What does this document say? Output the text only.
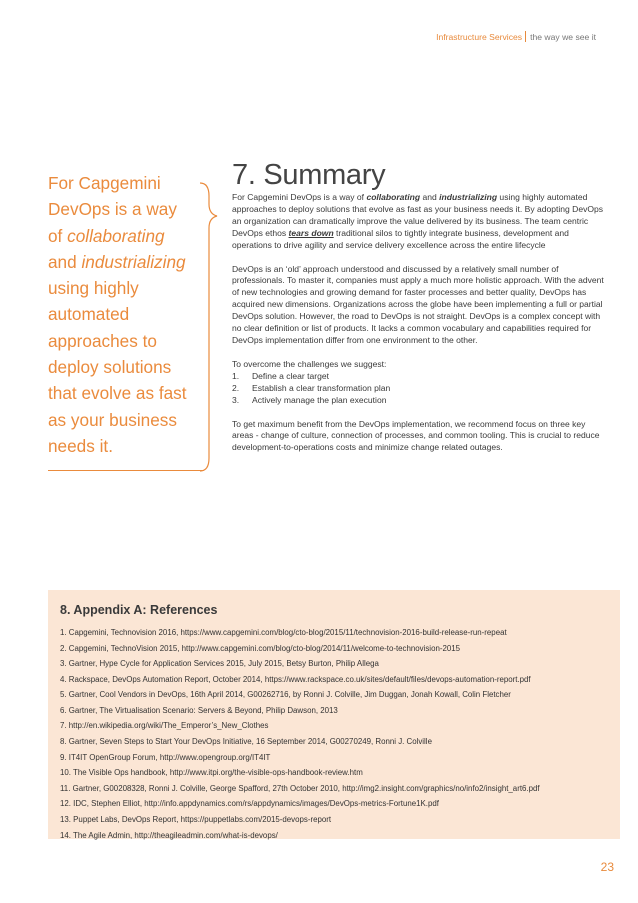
Infrastructure Services the way we see it
For Capgemini
DevOps is a way
of collaborating
and industrializing
using highly
automated
approaches to
deploy solutions
that evolve as fast
as your business
needs it.
7. Summary

For Capgemini DevOps is a way of collaborating and industrializing using highly automated approaches to deploy solutions that evolve as fast as your business needs it. By adopting DevOps an organization can dramatically improve the value delivered by its business. The team centric DevOps ethos tears down traditional silos to tightly integrate business, development and operations to drive agility and service delivery excellence across the entire lifecycle

DevOps is an ‘old’ approach understood and discussed by a relatively small number of professionals. To master it, companies must apply a much more holistic approach. With the advent of new technologies and growing demand for faster processes and better quality, DevOps has acquired new dimensions. Organizations across the globe have been implementing a full or partial DevOps solution. However, the road to DevOps is not straight. DevOps is a complex concept with no clear definition or list of products. It lacks a common vocabulary and capabilities required for DevOps implementation differ from one environment to the other.

To overcome the challenges we suggest:

1.	Define a clear target
2.	Establish a clear transformation plan
3.	Actively manage the plan execution

To get maximum benefit from the DevOps implementation, we recommend focus on three key areas - change of culture, connection of processes, and common tooling. This is crucial to reduce development-to-operations costs and minimize change related outages.

8. Appendix A: References
1. Capgemini, Technovision 2016, https://www.capgemini.com/blog/cto-blog/2015/11/technovision-2016-build-release-run-repeat
2. Capgemini, TechnoVision 2015, http://www.capgemini.com/blog/cto-blog/2014/11/welcome-to-technovision-2015
3. Gartner, Hype Cycle for Application Services 2015, July 2015, Betsy Burton, Philip Allega
4. Rackspace, DevOps Automation Report, October 2014, https://www.rackspace.co.uk/sites/default/files/devops-automation-report.pdf
5. Gartner, Cool Vendors in DevOps, 16th April 2014, G00262716, by Ronni J. Colville, Jim Duggan, Jonah Kowall, Colin Fletcher
6. Gartner, The Virtualisation Scenario: Servers & Beyond, Philip Dawson, 2013
7. http://en.wikipedia.org/wiki/The_Emperor’s_New_Clothes
8. Gartner, Seven Steps to Start Your DevOps Initiative, 16 September 2014, G00270249, Ronni J. Colville
9. IT4IT OpenGroup Forum, http://www.opengroup.org/IT4IT
10. The Visible Ops handbook, http://www.itpi.org/the-visible-ops-handbook-review.htm
11. Gartner, G00208328, Ronni J. Colville, George Spafford, 27th October 2010, http://img2.insight.com/graphics/no/info2/insight_art6.pdf
12. IDC, Stephen Elliot, http://info.appdynamics.com/rs/appdynamics/images/DevOps-metrics-Fortune1K.pdf
13. Puppet Labs, DevOps Report, https://puppetlabs.com/2015-devops-report
14. The Agile Admin, http://theagileadmin.com/what-is-devops/
23
